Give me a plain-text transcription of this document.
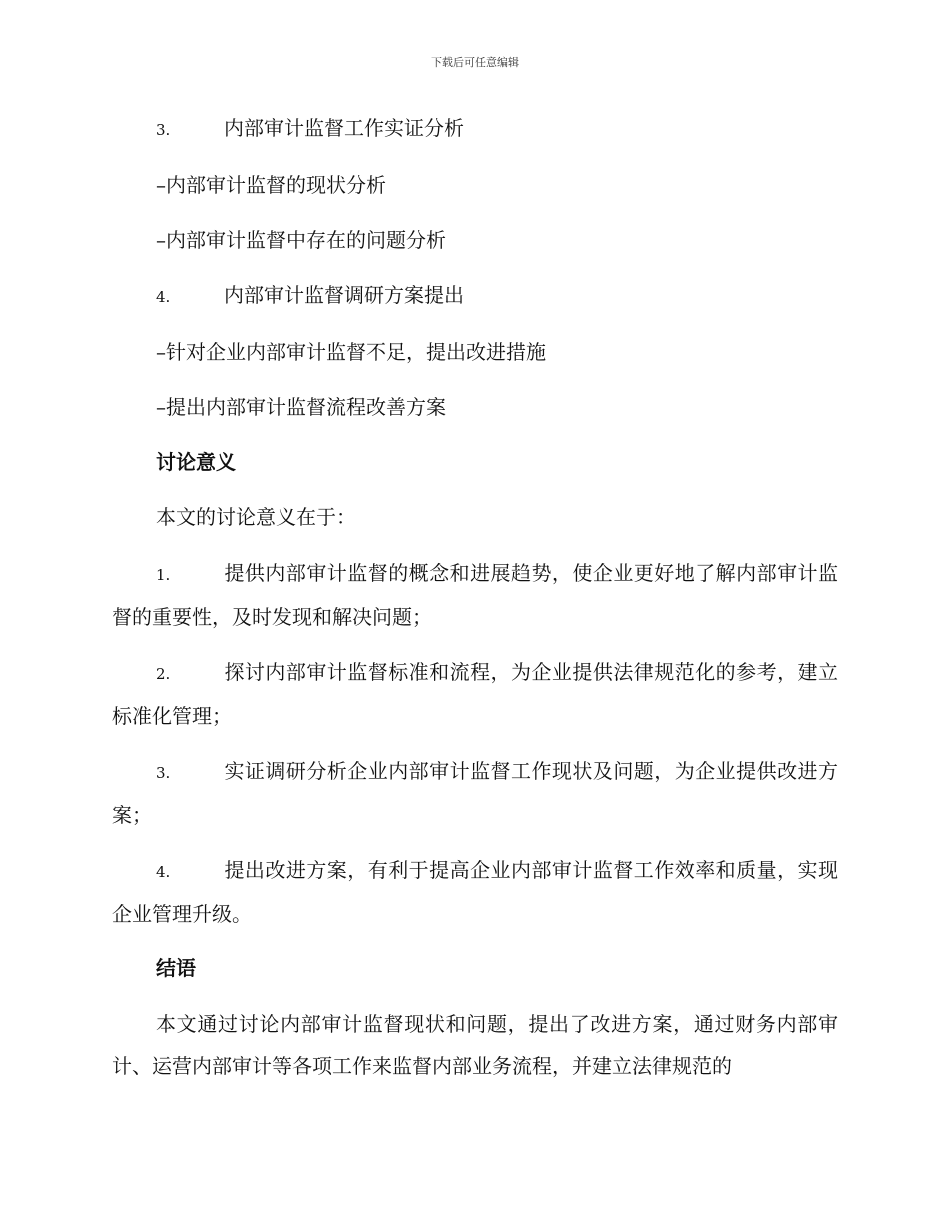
下载后可任意编辑
3.	内部审计监督工作实证分析
–内部审计监督的现状分析
–内部审计监督中存在的问题分析
4.	内部审计监督调研方案提出
–针对企业内部审计监督不足，提出改进措施
–提出内部审计监督流程改善方案
讨论意义
本文的讨论意义在于：
1.	提供内部审计监督的概念和进展趋势，使企业更好地了解内部审计监督的重要性，及时发现和解决问题；
2.	探讨内部审计监督标准和流程，为企业提供法律规范化的参考，建立标准化管理；
3.	实证调研分析企业内部审计监督工作现状及问题，为企业提供改进方案；
4.	提出改进方案，有利于提高企业内部审计监督工作效率和质量，实现企业管理升级。
结语
本文通过讨论内部审计监督现状和问题，提出了改进方案，通过财务内部审计、运营内部审计等各项工作来监督内部业务流程，并建立法律规范的
